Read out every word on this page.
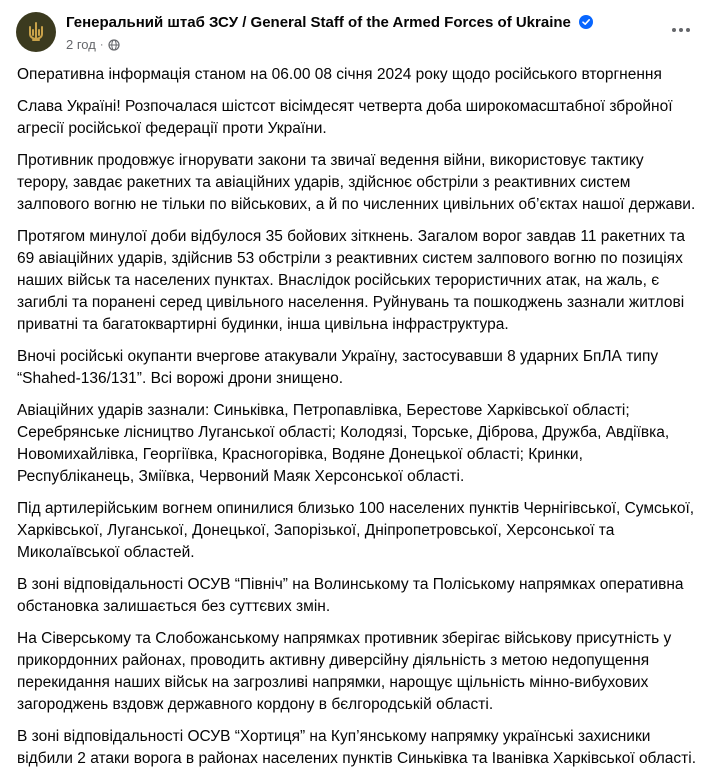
Генеральний штаб ЗСУ / General Staff of the Armed Forces of Ukraine
2 год ·

Оперативна інформація станом на 06.00 08 січня 2024 року щодо російського вторгнення

Слава Україні! Розпочалася шістсот вісімдесят четверта доба широкомасштабної збройної агресії російської федерації проти України.

Противник продовжує ігнорувати закони та звичаї ведення війни, використовує тактику терору, завдає ракетних та авіаційних ударів, здійснює обстріли з реактивних систем залпового вогню не тільки по військових, а й по численних цивільних об’єктах нашої держави.

Протягом минулої доби відбулося 35 бойових зіткнень. Загалом ворог завдав 11 ракетних та 69 авіаційних ударів, здійснив 53 обстріли з реактивних систем залпового вогню по позиціях наших військ та населених пунктах. Внаслідок російських терористичних атак, на жаль, є загиблі та поранені серед цивільного населення. Руйнувань та пошкоджень зазнали житлові приватні та багатоквартирні будинки, інша цивільна інфраструктура.

Вночі російські окупанти вчергове атакували Україну, застосувавши 8 ударних БпЛА типу “Shahed-136/131”. Всі ворожі дрони знищено.

Авіаційних ударів зазнали: Синьківка, Петропавлівка, Берестове Харківської області; Серебрянське лісництво Луганської області; Колодязі, Торське, Діброва, Дружба, Авдіївка, Новомихайлівка, Георгіївка, Красногорівка, Водяне Донецької області; Кринки, Республіканець, Зміївка, Червоний Маяк Херсонської області.

Під артилерійським вогнем опинилися близько 100 населених пунктів Чернігівської, Сумської, Харківської, Луганської, Донецької, Запорізької, Дніпропетровської, Херсонської та Миколаївської областей.

В зоні відповідальності ОСУВ “Північ” на Волинському та Поліському напрямках оперативна обстановка залишається без суттєвих змін.

На Сіверському та Слобожанському напрямках противник зберігає військову присутність у прикордонних районах, проводить активну диверсійну діяльність з метою недопущення перекидання наших військ на загрозливі напрямки, нарощує щільність мінно-вибухових загороджень вздовж державного кордону в бєлгородській області.

В зоні відповідальності ОСУВ “Хортиця” на Куп’янському напрямку українські захисники відбили 2 атаки ворога в районах населених пунктів Синьківка та Іванівка Харківської області.
